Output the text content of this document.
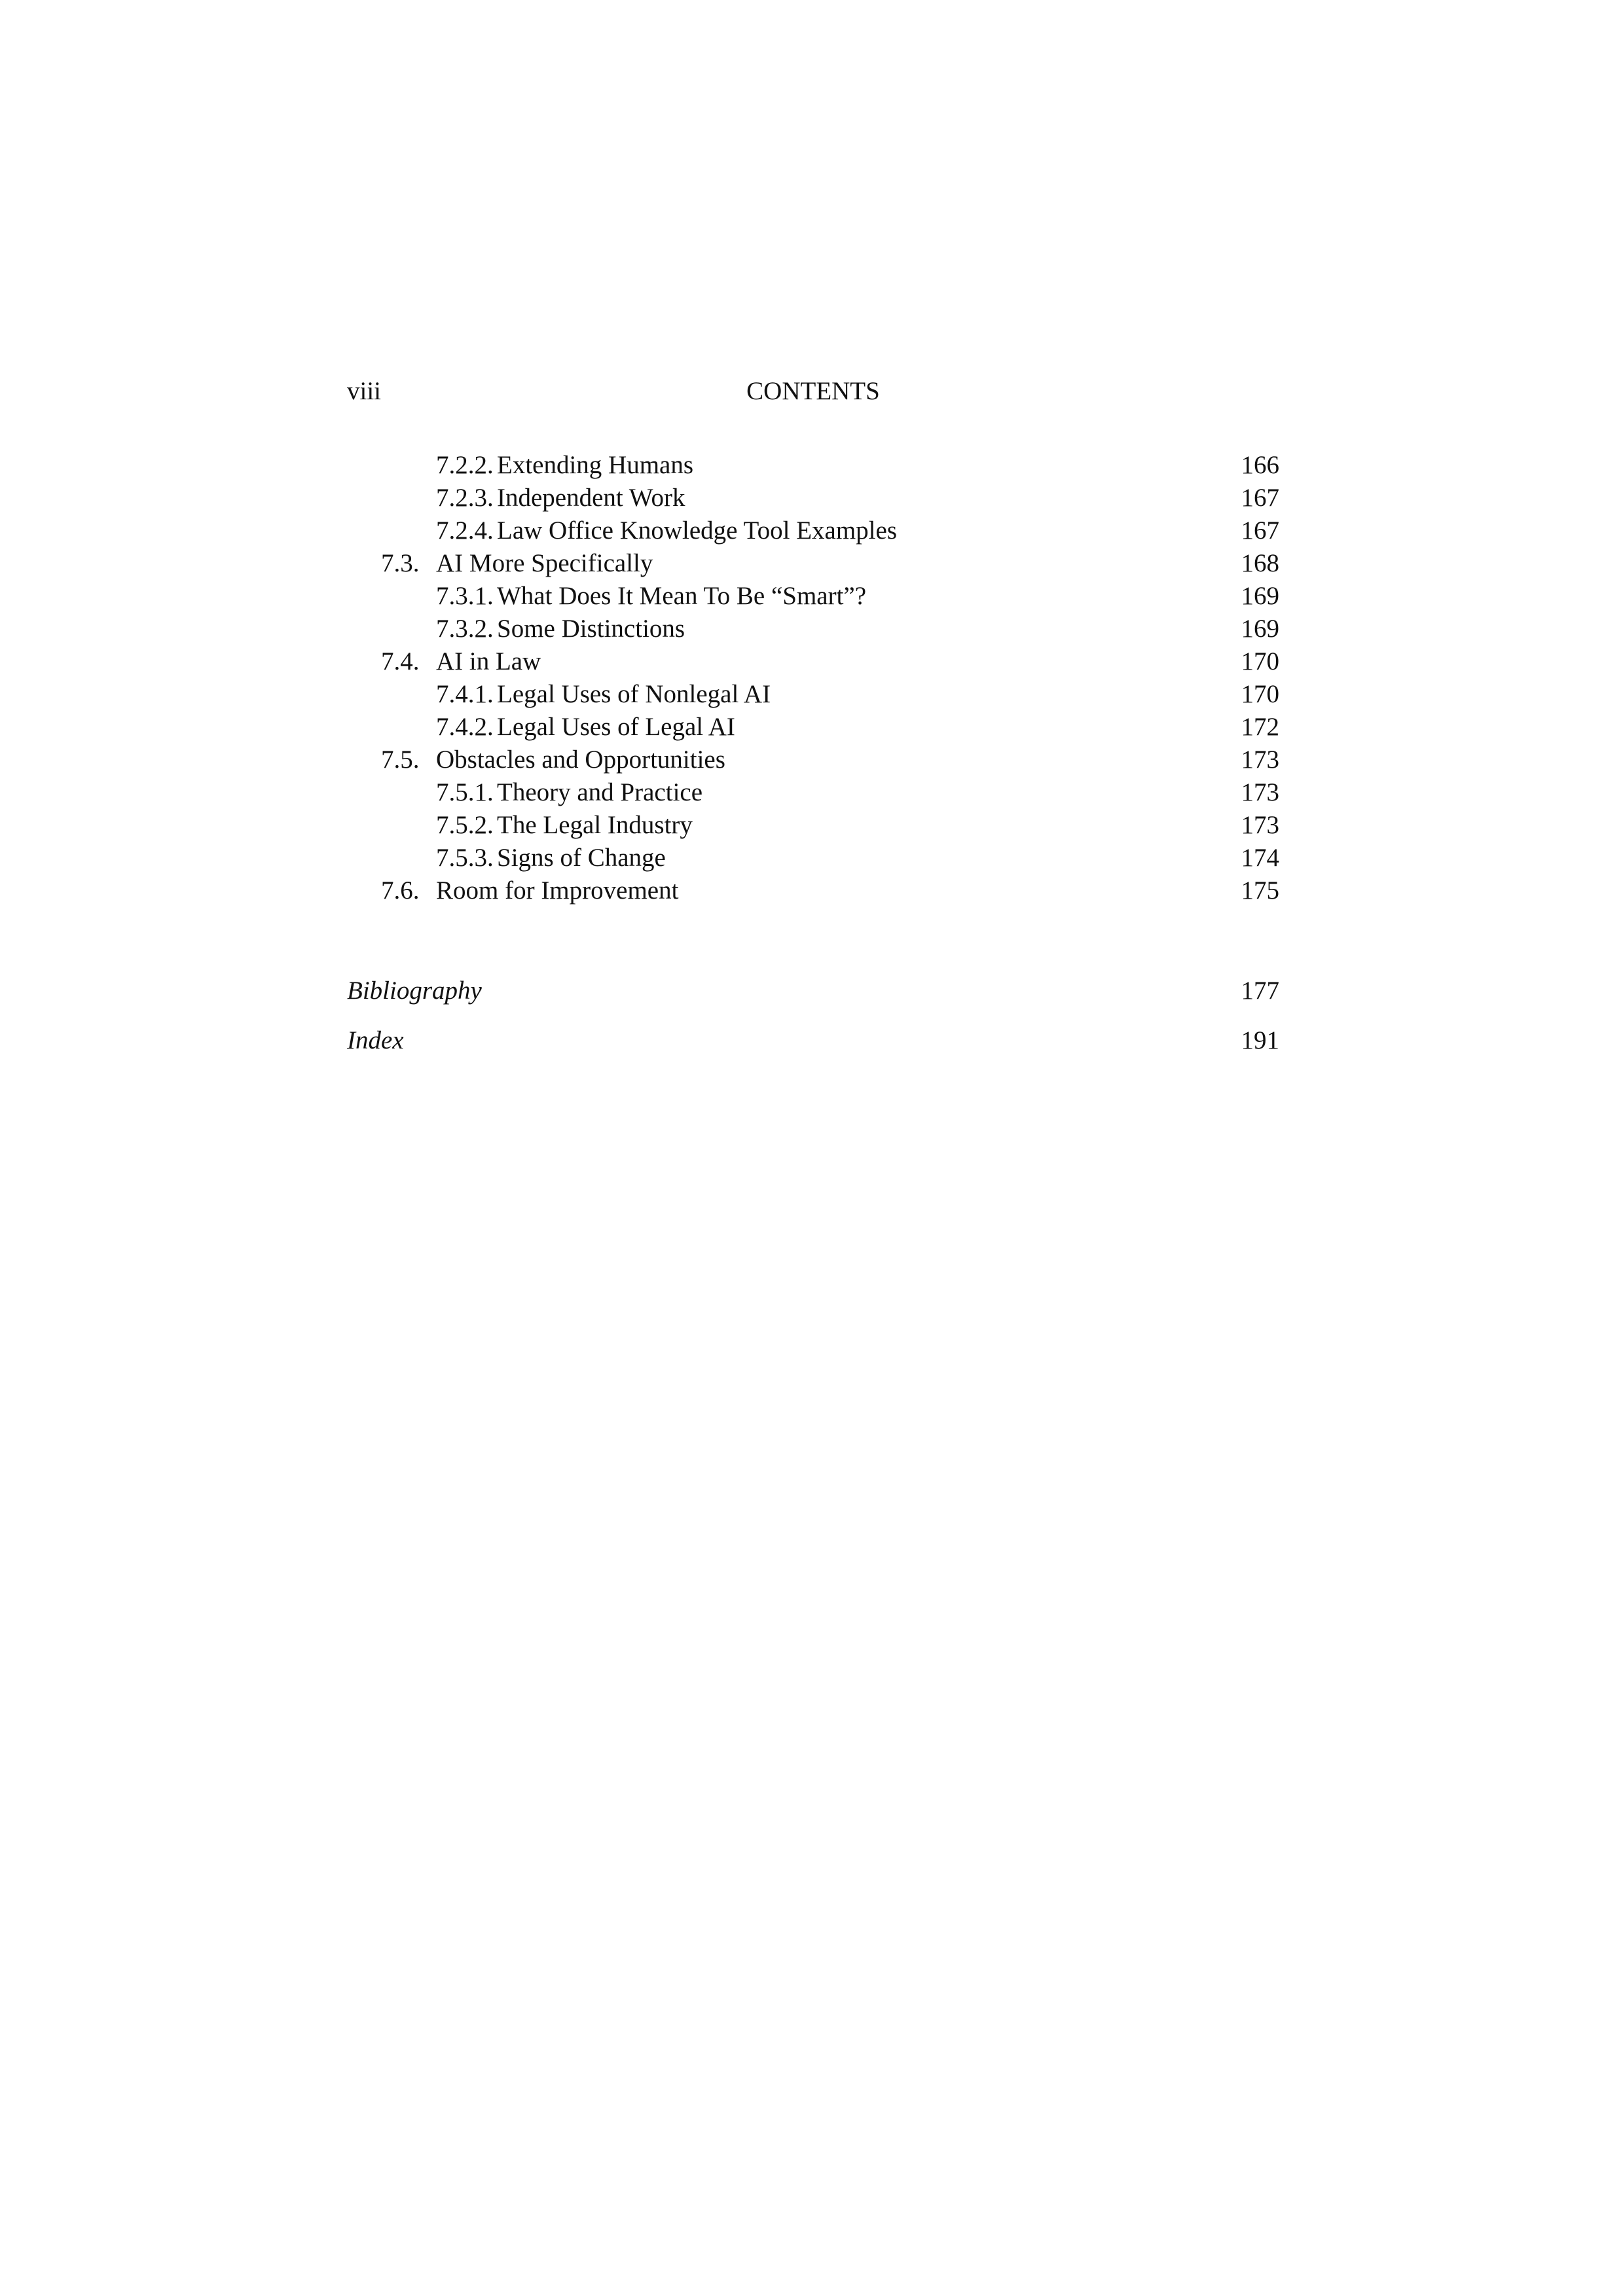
viii	CONTENTS
7.2.2. Extending Humans	166
7.2.3. Independent Work	167
7.2.4. Law Office Knowledge Tool Examples	167
7.3. AI More Specifically	168
7.3.1. What Does It Mean To Be “Smart”?	169
7.3.2. Some Distinctions	169
7.4. AI in Law	170
7.4.1. Legal Uses of Nonlegal AI	170
7.4.2. Legal Uses of Legal AI	172
7.5. Obstacles and Opportunities	173
7.5.1. Theory and Practice	173
7.5.2. The Legal Industry	173
7.5.3. Signs of Change	174
7.6. Room for Improvement	175
Bibliography	177
Index	191
